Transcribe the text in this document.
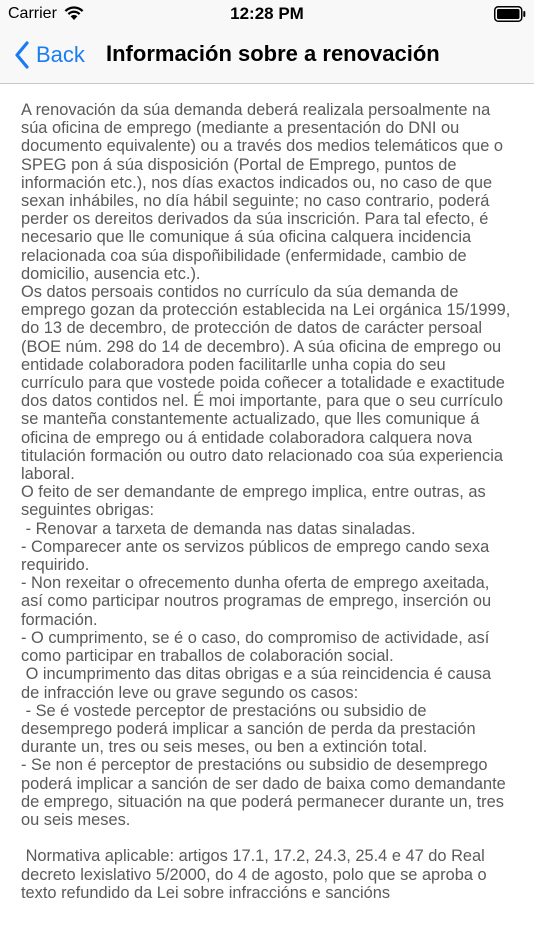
Carrier	12:28 PM
Back Información sobre a renovación
A renovación da súa demanda deberá realizala persoalmente na súa oficina de emprego (mediante a presentación do DNI ou documento equivalente) ou a través dos medios telemáticos que o SPEG pon á súa disposición (Portal de Emprego, puntos de información etc.), nos días exactos indicados ou, no caso de que sexan inhábiles, no día hábil seguinte; no caso contrario, poderá perder os dereitos derivados da súa inscrición. Para tal efecto, é necesario que lle comunique á súa oficina calquera incidencia relacionada coa súa dispoñibilidade (enfermidade, cambio de domicilio, ausencia etc.).
Os datos persoais contidos no currículo da súa demanda de emprego gozan da protección establecida na Lei orgánica 15/1999, do 13 de decembro, de protección de datos de carácter persoal (BOE núm. 298 do 14 de decembro). A súa oficina de emprego ou entidade colaboradora poden facilitarlle unha copia do seu currículo para que vostede poida coñecer a totalidade e exactitude dos datos contidos nel. É moi importante, para que o seu currículo se manteña constantemente actualizado, que lles comunique á oficina de emprego ou á entidade colaboradora calquera nova titulación formación ou outro dato relacionado coa súa experiencia laboral.
O feito de ser demandante de emprego implica, entre outras, as seguintes obrigas:
- Renovar a tarxeta de demanda nas datas sinaladas.
- Comparecer ante os servizos públicos de emprego cando sexa requirido.
- Non rexeitar o ofrecemento dunha oferta de emprego axeitada, así como participar noutros programas de emprego, inserción ou formación.
- O cumprimento, se é o caso, do compromiso de actividade, así como participar en traballos de colaboración social.
O incumprimento das ditas obrigas e a súa reincidencia é causa de infracción leve ou grave segundo os casos:
- Se é vostede perceptor de prestacións ou subsidio de desemprego poderá implicar a sanción de perda da prestación durante un, tres ou seis meses, ou ben a extinción total.
- Se non é perceptor de prestacións ou subsidio de desemprego poderá implicar a sanción de ser dado de baixa como demandante de emprego, situación na que poderá permanecer durante un, tres ou seis meses.

Normativa aplicable: artigos 17.1, 17.2, 24.3, 25.4 e 47 do Real decreto lexislativo 5/2000, do 4 de agosto, polo que se aproba o texto refundido da Lei sobre infraccións e sancións
